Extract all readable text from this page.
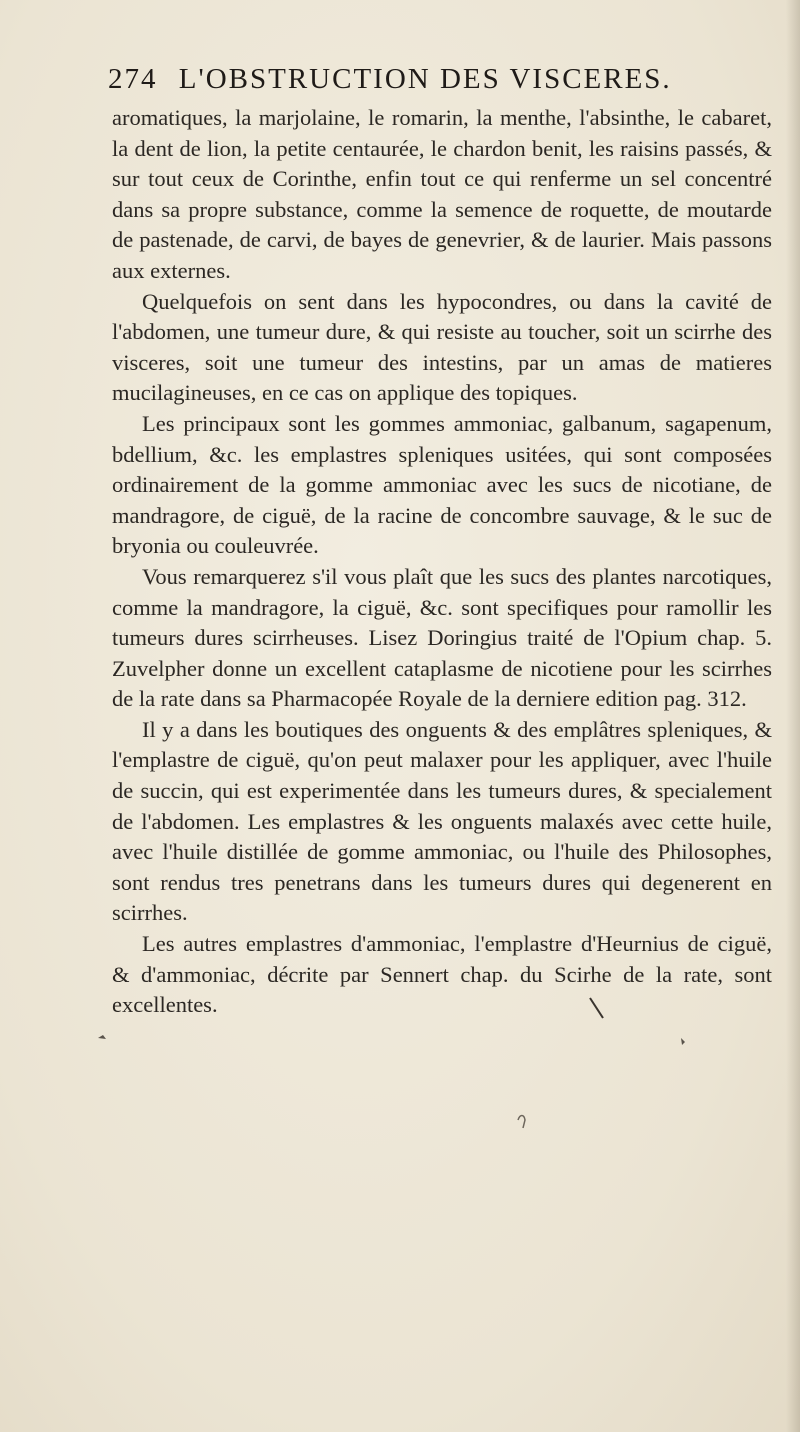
274 L'OBSTRUCTION DES VISCERES.

aromatiques, la marjolaine, le romarin, la menthe, l'absinthe, le cabaret, la dent de lion, la petite centaurée, le chardon benit, les raisins passés, & sur tout ceux de Corinthe, enfin tout ce qui renferme un sel concentré dans sa propre substance, comme la semence de roquette, de moutarde de pastenade, de carvi, de bayes de genevrier, & de laurier. Mais passons aux externes.

Quelquefois on sent dans les hypocondres, ou dans la cavité de l'abdomen, une tumeur dure, & qui resiste au toucher, soit un scirrhe des visceres, soit une tumeur des intestins, par un amas de matieres mucilagineuses, en ce cas on applique des topiques.

Les principaux sont les gommes ammoniac, galbanum, sagapenum, bdellium, &c. les emplastres spleniques usitées, qui sont composées ordinairement de la gomme ammoniac avec les sucs de nicotiane, de mandragore, de ciguë, de la racine de concombre sauvage, & le suc de bryonia ou couleuvrée.

Vous remarquerez s'il vous plaît que les sucs des plantes narcotiques, comme la mandragore, la ciguë, &c. sont specifiques pour ramollir les tumeurs dures scirrheuses. Lisez Doringius traité de l'Opium chap. 5. Zuvelpher donne un excellent cataplasme de nicotiene pour les scirrhes de la rate dans sa Pharmacopée Royale de la derniere edition pag. 312.

Il y a dans les boutiques des onguents & des emplâtres spleniques, & l'emplastre de ciguë, qu'on peut malaxer pour les appliquer, avec l'huile de succin, qui est experimentée dans les tumeurs dures, & specialement de l'abdomen. Les emplastres & les onguents malaxés avec cette huile, avec l'huile distillée de gomme ammoniac, ou l'huile des Philosophes, sont rendus tres penetrans dans les tumeurs dures qui degenerent en scirrhes.

Les autres emplastres d'ammoniac, l'emplastre d'Heurnius de ciguë, & d'ammoniac, décrite par Sennert chap. du Scirhe de la rate, sont excellentes.
